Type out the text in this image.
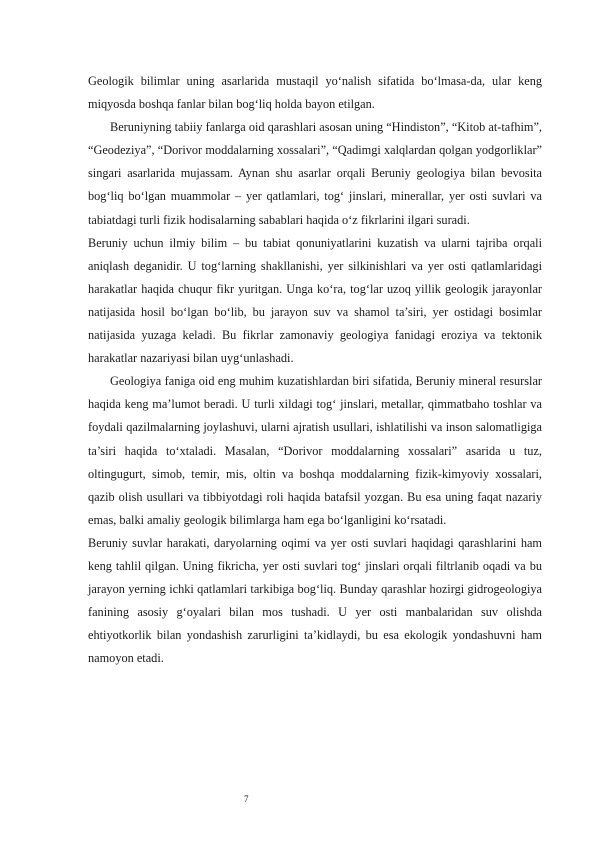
Geologik bilimlar uning asarlarida mustaqil yo‘nalish sifatida bo‘lmasa-da, ular keng miqyosda boshqa fanlar bilan bog‘liq holda bayon etilgan.

Beruniyning tabiiy fanlarga oid qarashlari asosan uning “Hindiston”, “Kitob at-tafhim”, “Geodeziya”, “Dorivor moddalarning xossalari”, “Qadimgi xalqlardan qolgan yodgorliklar” singari asarlarida mujassam. Aynan shu asarlar orqali Beruniy geologiya bilan bevosita bog‘liq bo‘lgan muammolar – yer qatlamlari, tog‘ jinslari, minerallar, yer osti suvlari va tabiatdagi turli fizik hodisalarning sabablari haqida o‘z fikrlarini ilgari suradi.

Beruniy uchun ilmiy bilim – bu tabiat qonuniyatlarini kuzatish va ularni tajriba orqali aniqlash deganidir. U tog‘larning shakllanishi, yer silkinishlari va yer osti qatlamlaridagi harakatlar haqida chuqur fikr yuritgan. Unga ko‘ra, tog‘lar uzoq yillik geologik jarayonlar natijasida hosil bo‘lgan bo‘lib, bu jarayon suv va shamol ta’siri, yer ostidagi bosimlar natijasida yuzaga keladi. Bu fikrlar zamonaviy geologiya fanidagi eroziya va tektonik harakatlar nazariyasi bilan uyg‘unlashadi.

Geologiya faniga oid eng muhim kuzatishlardan biri sifatida, Beruniy mineral resurslar haqida keng ma’lumot beradi. U turli xildagi tog‘ jinslari, metallar, qimmatbaho toshlar va foydali qazilmalarning joylashuvi, ularni ajratish usullari, ishlatilishi va inson salomatligiga ta’siri haqida to‘xtaladi. Masalan, “Dorivor moddalarning xossalari” asarida u tuz, oltingugurt, simob, temir, mis, oltin va boshqa moddalarning fizik-kimyoviy xossalari, qazib olish usullari va tibbiyotdagi roli haqida batafsil yozgan. Bu esa uning faqat nazariy emas, balki amaliy geologik bilimlarga ham ega bo‘lganligini ko‘rsatadi.

Beruniy suvlar harakati, daryolarning oqimi va yer osti suvlari haqidagi qarashlarini ham keng tahlil qilgan. Uning fikricha, yer osti suvlari tog‘ jinslari orqali filtrlanib oqadi va bu jarayon yerning ichki qatlamlari tarkibiga bog‘liq. Bunday qarashlar hozirgi gidrogeologiya fanining asosiy g‘oyalari bilan mos tushadi. U yer osti manbalaridan suv olishda ehtiyotkorlik bilan yondashish zarurligini ta’kidlaydi, bu esa ekologik yondashuvni ham namoyon etadi.

7
